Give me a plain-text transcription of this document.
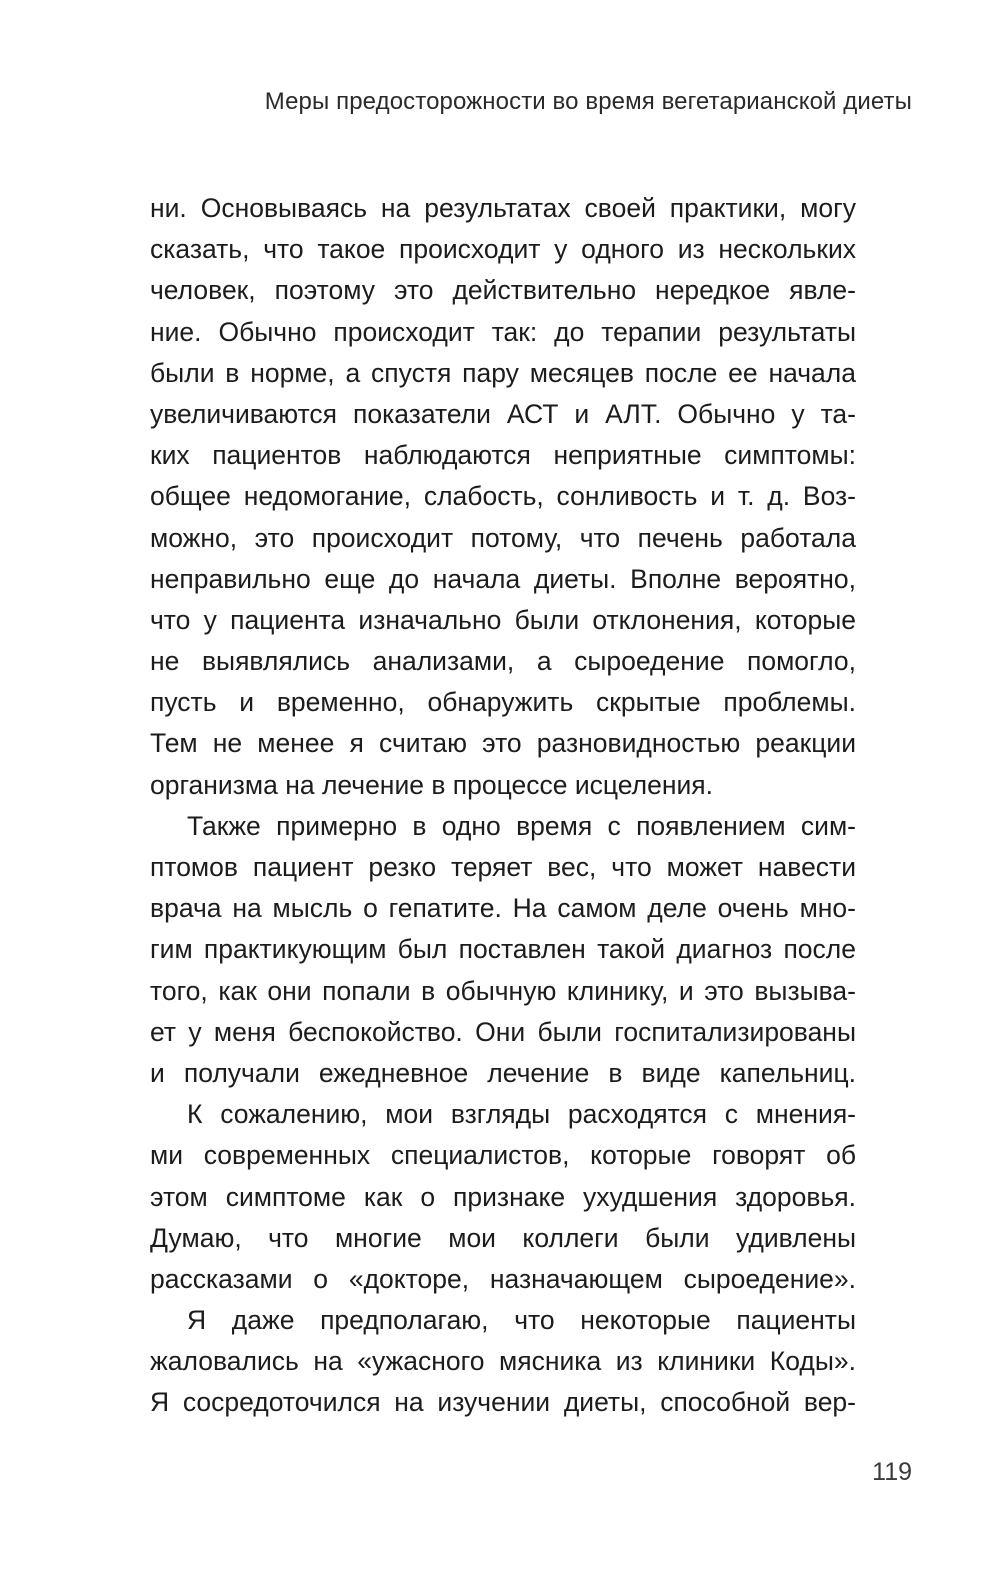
Меры предосторожности во время вегетарианской диеты
ни. Основываясь на результатах своей практики, могу
сказать, что такое происходит у одного из нескольких
человек, поэтому это действительно нередкое явле-
ние. Обычно происходит так: до терапии результаты
были в норме, а спустя пару месяцев после ее начала
увеличиваются показатели АСТ и АЛТ. Обычно у та-
ких пациентов наблюдаются неприятные симптомы:
общее недомогание, слабость, сонливость и т. д. Воз-
можно, это происходит потому, что печень работала
неправильно еще до начала диеты. Вполне вероятно,
что у пациента изначально были отклонения, которые
не выявлялись анализами, а сыроедение помогло,
пусть и временно, обнаружить скрытые проблемы.
Тем не менее я считаю это разновидностью реакции
организма на лечение в процессе исцеления.
Также примерно в одно время с появлением сим-
птомов пациент резко теряет вес, что может навести
врача на мысль о гепатите. На самом деле очень мно-
гим практикующим был поставлен такой диагноз после
того, как они попали в обычную клинику, и это вызыва-
ет у меня беспокойство. Они были госпитализированы
и получали ежедневное лечение в виде капельниц.
К сожалению, мои взгляды расходятся с мнения-
ми современных специалистов, которые говорят об
этом симптоме как о признаке ухудшения здоровья.
Думаю, что многие мои коллеги были удивлены
рассказами о «докторе, назначающем сыроедение».
Я даже предполагаю, что некоторые пациенты
жаловались на «ужасного мясника из клиники Коды».
Я сосредоточился на изучении диеты, способной вер-
119
